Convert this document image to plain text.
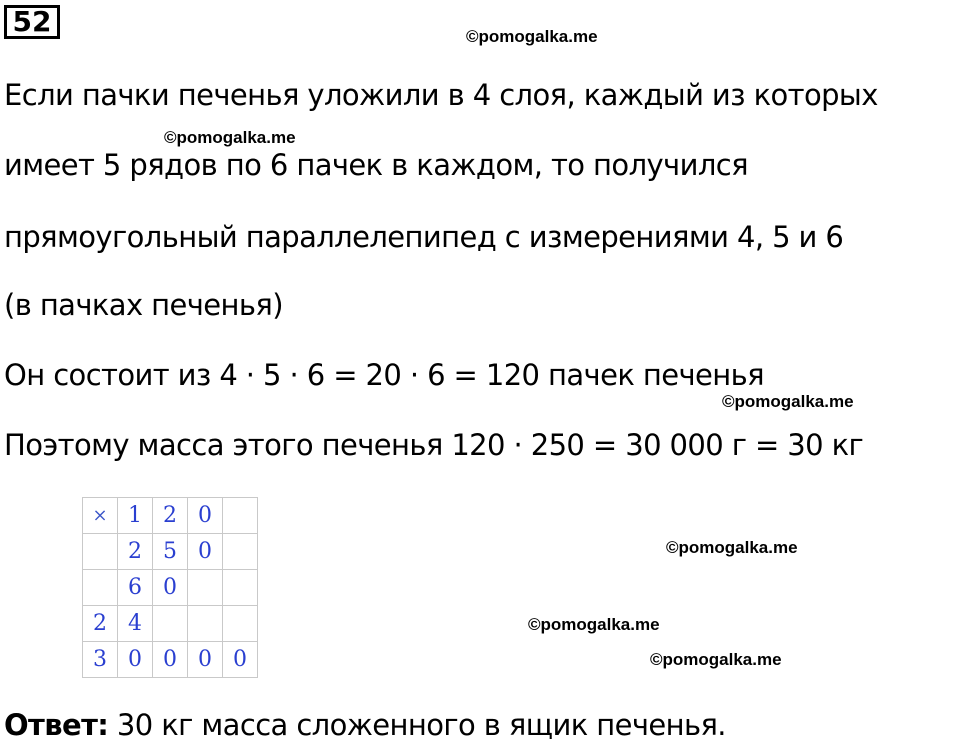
52	©pomogalka.me
©pomogalka.me
©pomogalka.me
©pomogalka.me
©pomogalka.me
©pomogalka.me
Если пачки печенья уложили в 4 слоя, каждый из которых
имеет 5 рядов по 6 пачек в каждом, то получился
прямоугольный параллелепипед с измерениями 4, 5 и 6
(в пачках печенья)
Он состоит из 4 · 5 · 6 = 20 · 6 = 120 пачек печенья
Поэтому масса этого печенья 120 · 250 = 30 000 г = 30 кг
×	1	2	0	
	2	5	0	
	6	0		
2	4			
3	0	0	0	0
Ответ: 30 кг масса сложенного в ящик печенья.
